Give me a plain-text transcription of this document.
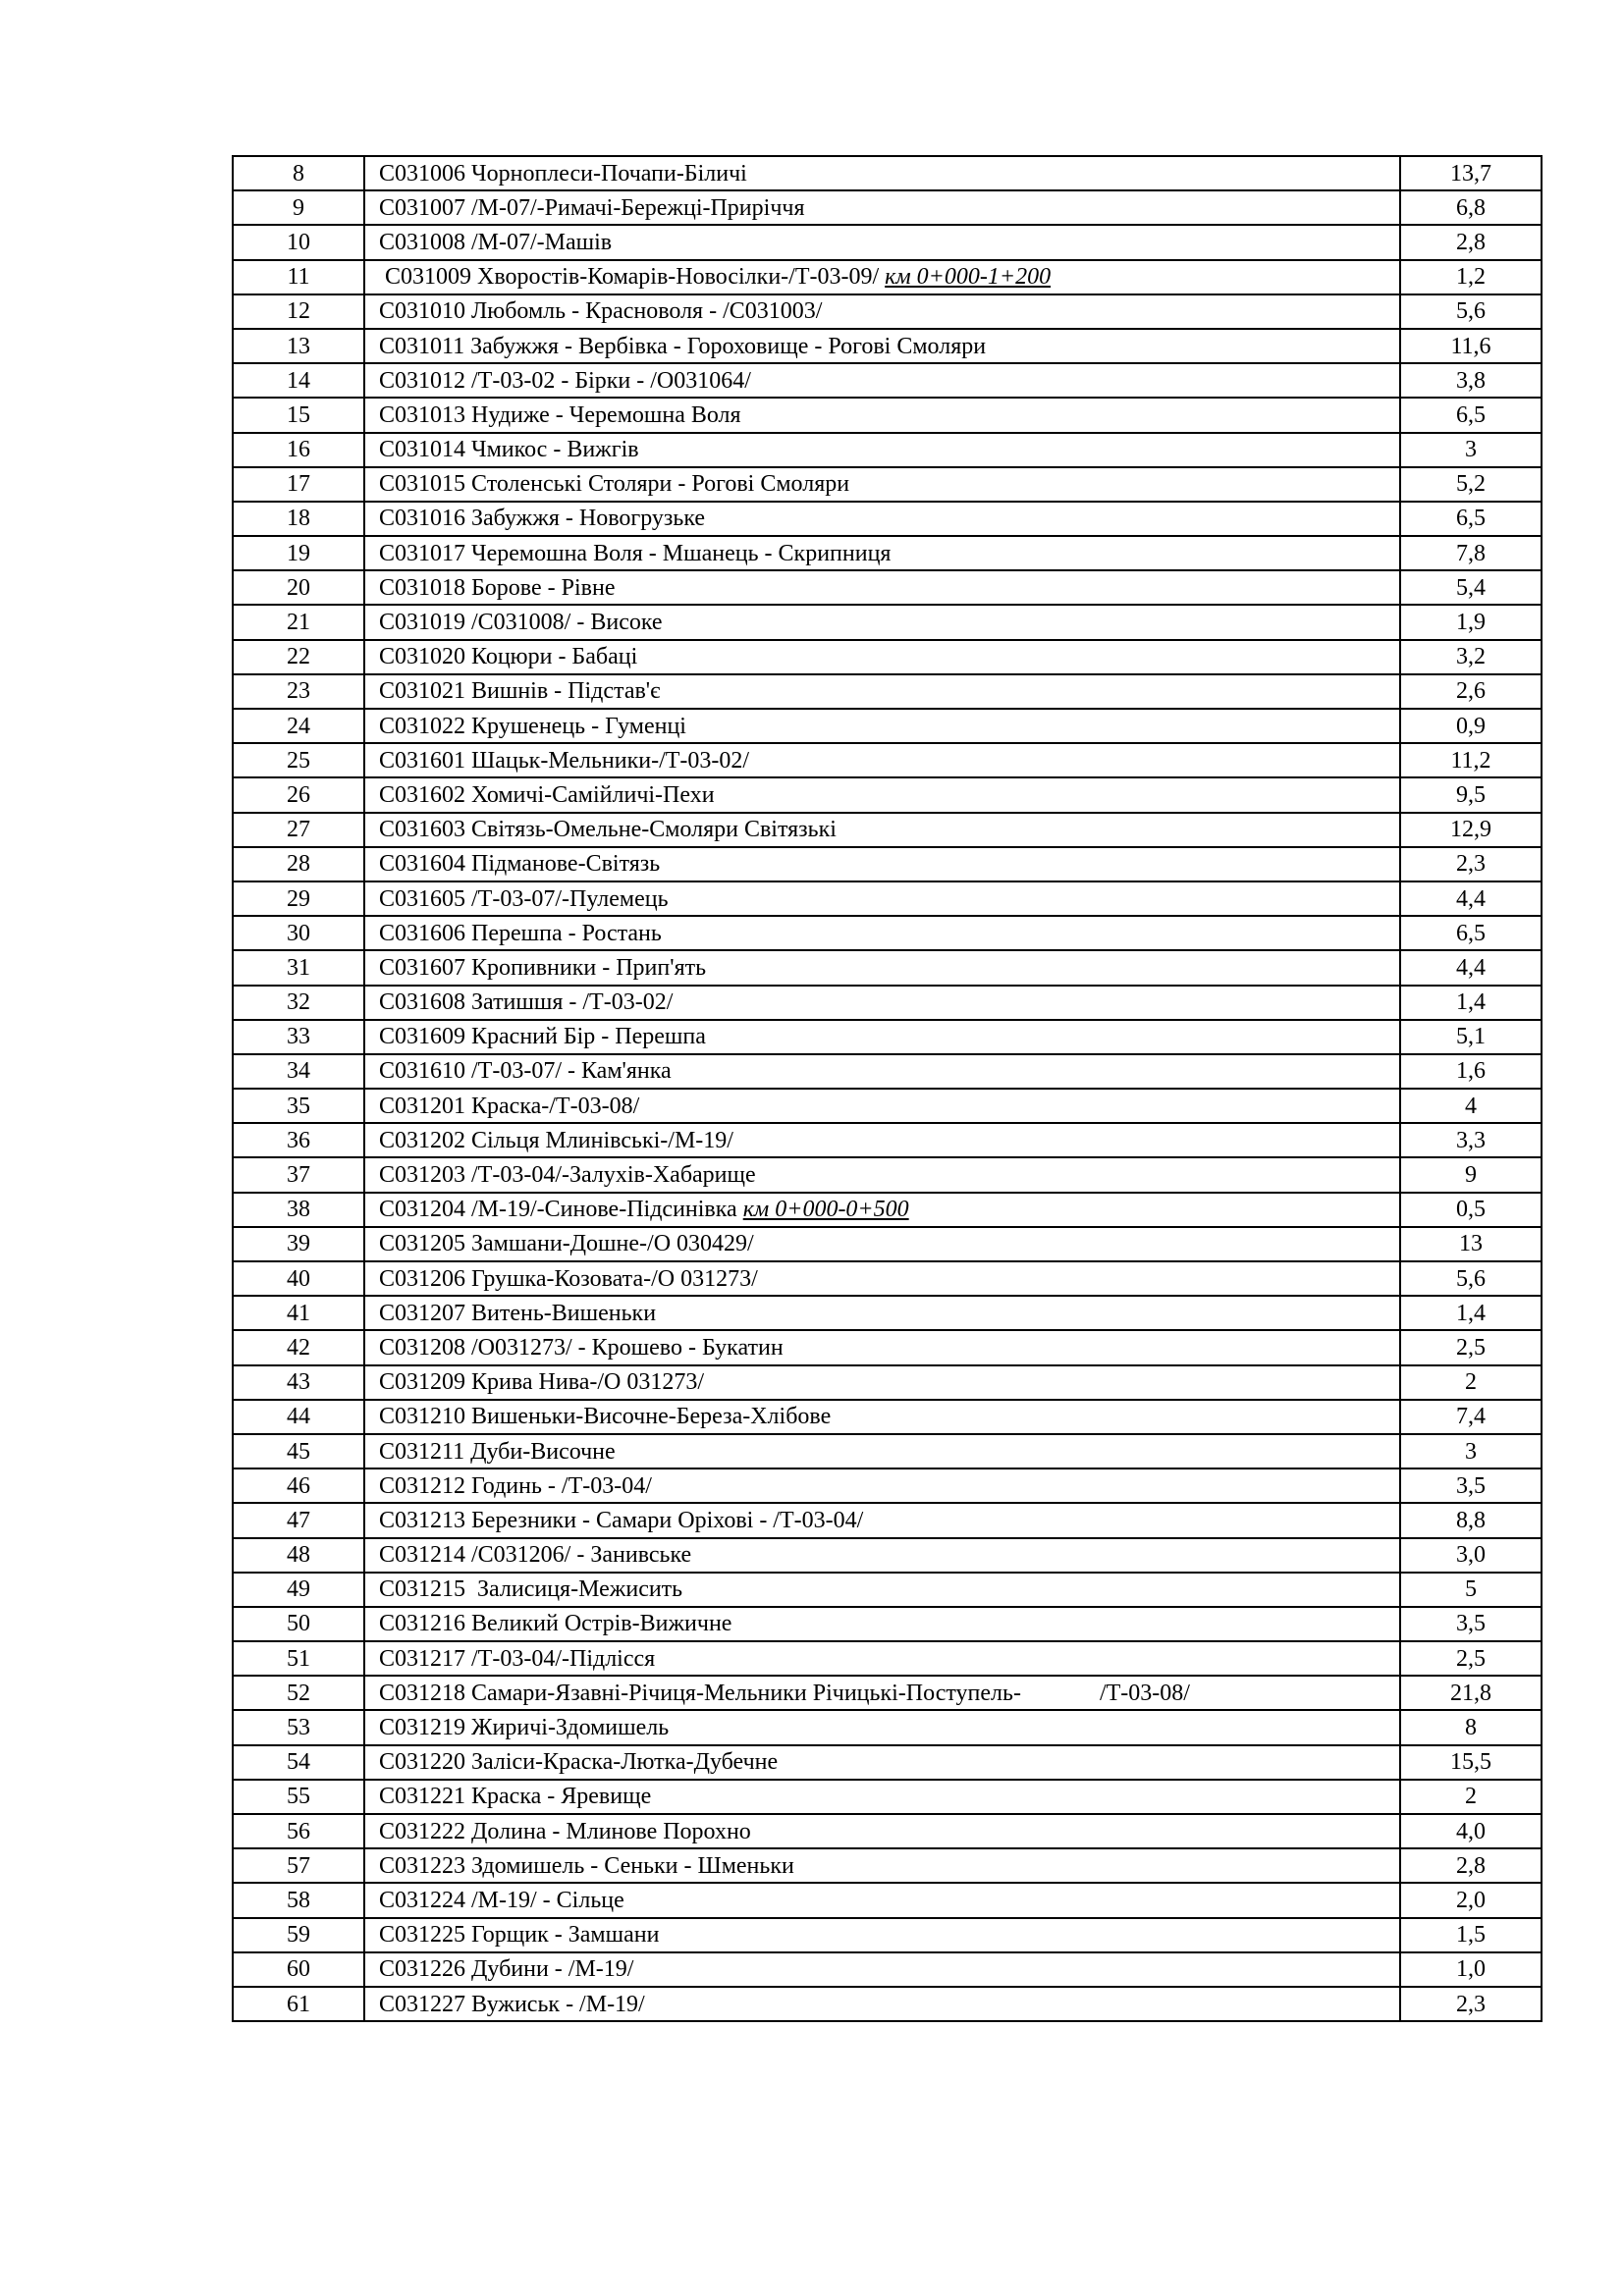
8	С031006 Чорноплеси-Почапи-Біличі	13,7
9	С031007 /М-07/-Римачі-Бережці-Приріччя	6,8
10	С031008 /М-07/-Машів	2,8
11	С031009 Хворостів-Комарів-Новосілки-/Т-03-09/ км 0+000-1+200	1,2
12	С031010 Любомль - Красноволя - /С031003/	5,6
13	С031011 Забужжя - Вербівка - Гороховище - Рогові Смоляри	11,6
14	С031012 /Т-03-02 - Бірки - /О031064/	3,8
15	С031013 Нудиже - Черемошна Воля	6,5
16	С031014 Чмикос - Вижгів	3
17	С031015 Столенські Столяри - Рогові Смоляри	5,2
18	С031016 Забужжя - Новогрузьке	6,5
19	С031017 Черемошна Воля - Мшанець - Скрипниця	7,8
20	С031018 Борове - Рівне	5,4
21	С031019 /С031008/ - Високе	1,9
22	С031020 Коцюри - Бабаці	3,2
23	С031021 Вишнів - Підстав'є	2,6
24	С031022 Крушенець - Гуменці	0,9
25	С031601 Шацьк-Мельники-/Т-03-02/	11,2
26	С031602 Хомичі-Самійличі-Пехи	9,5
27	С031603 Світязь-Омельне-Смоляри Світязькі	12,9
28	С031604 Підманове-Світязь	2,3
29	С031605 /Т-03-07/-Пулемець	4,4
30	С031606 Перешпа - Ростань	6,5
31	С031607 Кропивники - Прип'ять	4,4
32	С031608 Затишшя - /Т-03-02/	1,4
33	С031609 Красний Бір - Перешпа	5,1
34	С031610 /Т-03-07/ - Кам'янка	1,6
35	С031201 Краска-/Т-03-08/	4
36	С031202 Сільця Млинівські-/М-19/	3,3
37	С031203 /Т-03-04/-Залухів-Хабарище	9
38	С031204 /М-19/-Синове-Підсинівка км 0+000-0+500	0,5
39	С031205 Замшани-Дошне-/О 030429/	13
40	С031206 Грушка-Козовата-/О 031273/	5,6
41	С031207 Витень-Вишеньки	1,4
42	С031208 /О031273/ - Крошево - Букатин	2,5
43	С031209 Крива Нива-/О 031273/	2
44	С031210 Вишеньки-Височне-Береза-Хлібове	7,4
45	С031211 Дуби-Височне	3
46	С031212 Годинь - /Т-03-04/	3,5
47	С031213 Березники - Самари Оріхові - /Т-03-04/	8,8
48	С031214 /С031206/ - Занивське	3,0
49	С031215  Залисиця-Межисить	5
50	С031216 Великий Острів-Вижичне	3,5
51	С031217 /Т-03-04/-Підлісся	2,5
52	С031218 Самари-Язавні-Річиця-Мельники Річицькі-Поступель- /Т-03-08/	21,8
53	С031219 Жиричі-Здомишель	8
54	С031220 Заліси-Краска-Лютка-Дубечне	15,5
55	С031221 Краска - Яревище	2
56	С031222 Долина - Млинове Порохно	4,0
57	С031223 Здомишель - Сеньки - Шменьки	2,8
58	С031224 /М-19/ - Сільце	2,0
59	С031225 Горщик - Замшани	1,5
60	С031226 Дубини - /М-19/	1,0
61	С031227 Вужиськ - /М-19/	2,3
